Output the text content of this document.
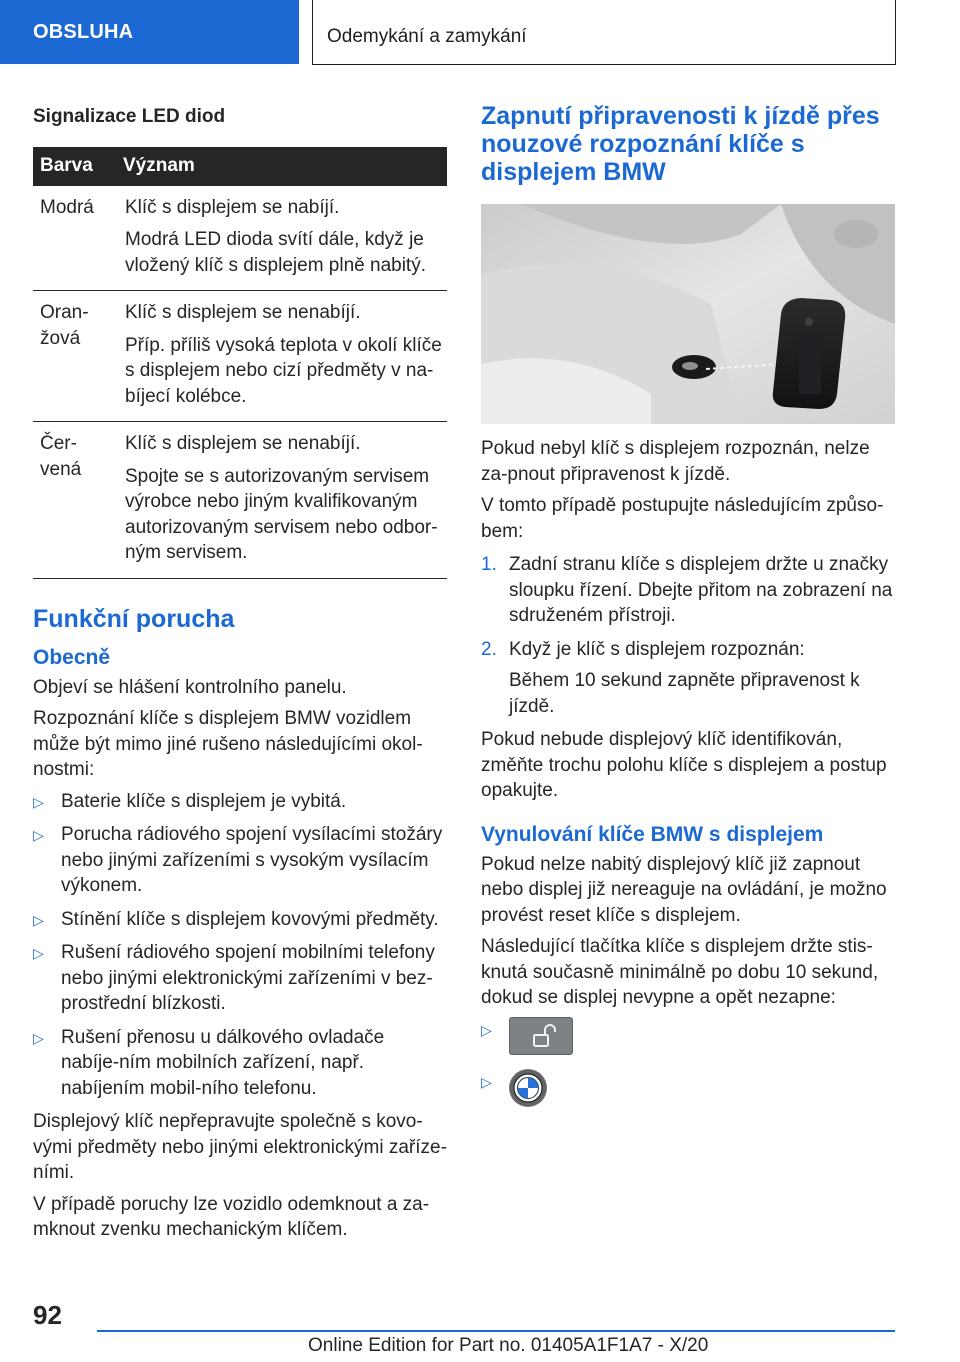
OBSLUHA	Odemykání a zamykání
Signalizace LED diod
Barva	Význam
Modrá	Klíč s displejem se nabíjí.

Modrá LED dioda svítí dále, když je vložený klíč s displejem plně nabitý.

Oran-žová	Klíč s displejem se nenabíjí.

Příp. příliš vysoká teplota v okolí klíče s displejem nebo cizí předměty v na-bíjecí kolébce.

Čer-vená	Klíč s displejem se nenabíjí.

Spojte se s autorizovaným servisem výrobce nebo jiným kvalifikovaným autorizovaným servisem nebo odbor-ným servisem.

Funkční porucha
Obecně

Objeví se hlášení kontrolního panelu.

Rozpoznání klíče s displejem BMW vozidlem může být mimo jiné rušeno následujícími okol-nostmi:

▷ Baterie klíče s displejem je vybitá.
▷ Porucha rádiového spojení vysílacími stožáry nebo jinými zařízeními s vysokým vysílacím výkonem.
▷ Stínění klíče s displejem kovovými předměty.
▷ Rušení rádiového spojení mobilními telefony nebo jinými elektronickými zařízeními v bez-prostřední blízkosti.
▷ Rušení přenosu u dálkového ovladače nabíje-ním mobilních zařízení, např. nabíjením mobil-ního telefonu.

Displejový klíč nepřepravujte společně s kovo-vými předměty nebo jinými elektronickými zaříze-ními.

V případě poruchy lze vozidlo odemknout a za-mknout zvenku mechanickým klíčem.

Zapnutí připravenosti k jízdě přes nouzové rozpoznání klíče s displejem BMW

Pokud nebyl klíč s displejem rozpoznán, nelze za-pnout připravenost k jízdě.

V tomto případě postupujte následujícím způso-bem:

1. Zadní stranu klíče s displejem držte u značky sloupku řízení. Dbejte přitom na zobrazení na sdruženém přístroji.

2. Když je klíč s displejem rozpoznán:

Během 10 sekund zapněte připravenost k jízdě.

Pokud nebude displejový klíč identifikován, změňte trochu polohu klíče s displejem a postup opakujte.

Vynulování klíče BMW s displejem

Pokud nelze nabitý displejový klíč již zapnout nebo displej již nereaguje na ovládání, je možno provést reset klíče s displejem.

Následující tlačítka klíče s displejem držte stis-knutá současně minimálně po dobu 10 sekund, dokud se displej nevypne a opět nezapne:

▷
▷
92
Online Edition for Part no. 01405A1F1A7 - X/20
